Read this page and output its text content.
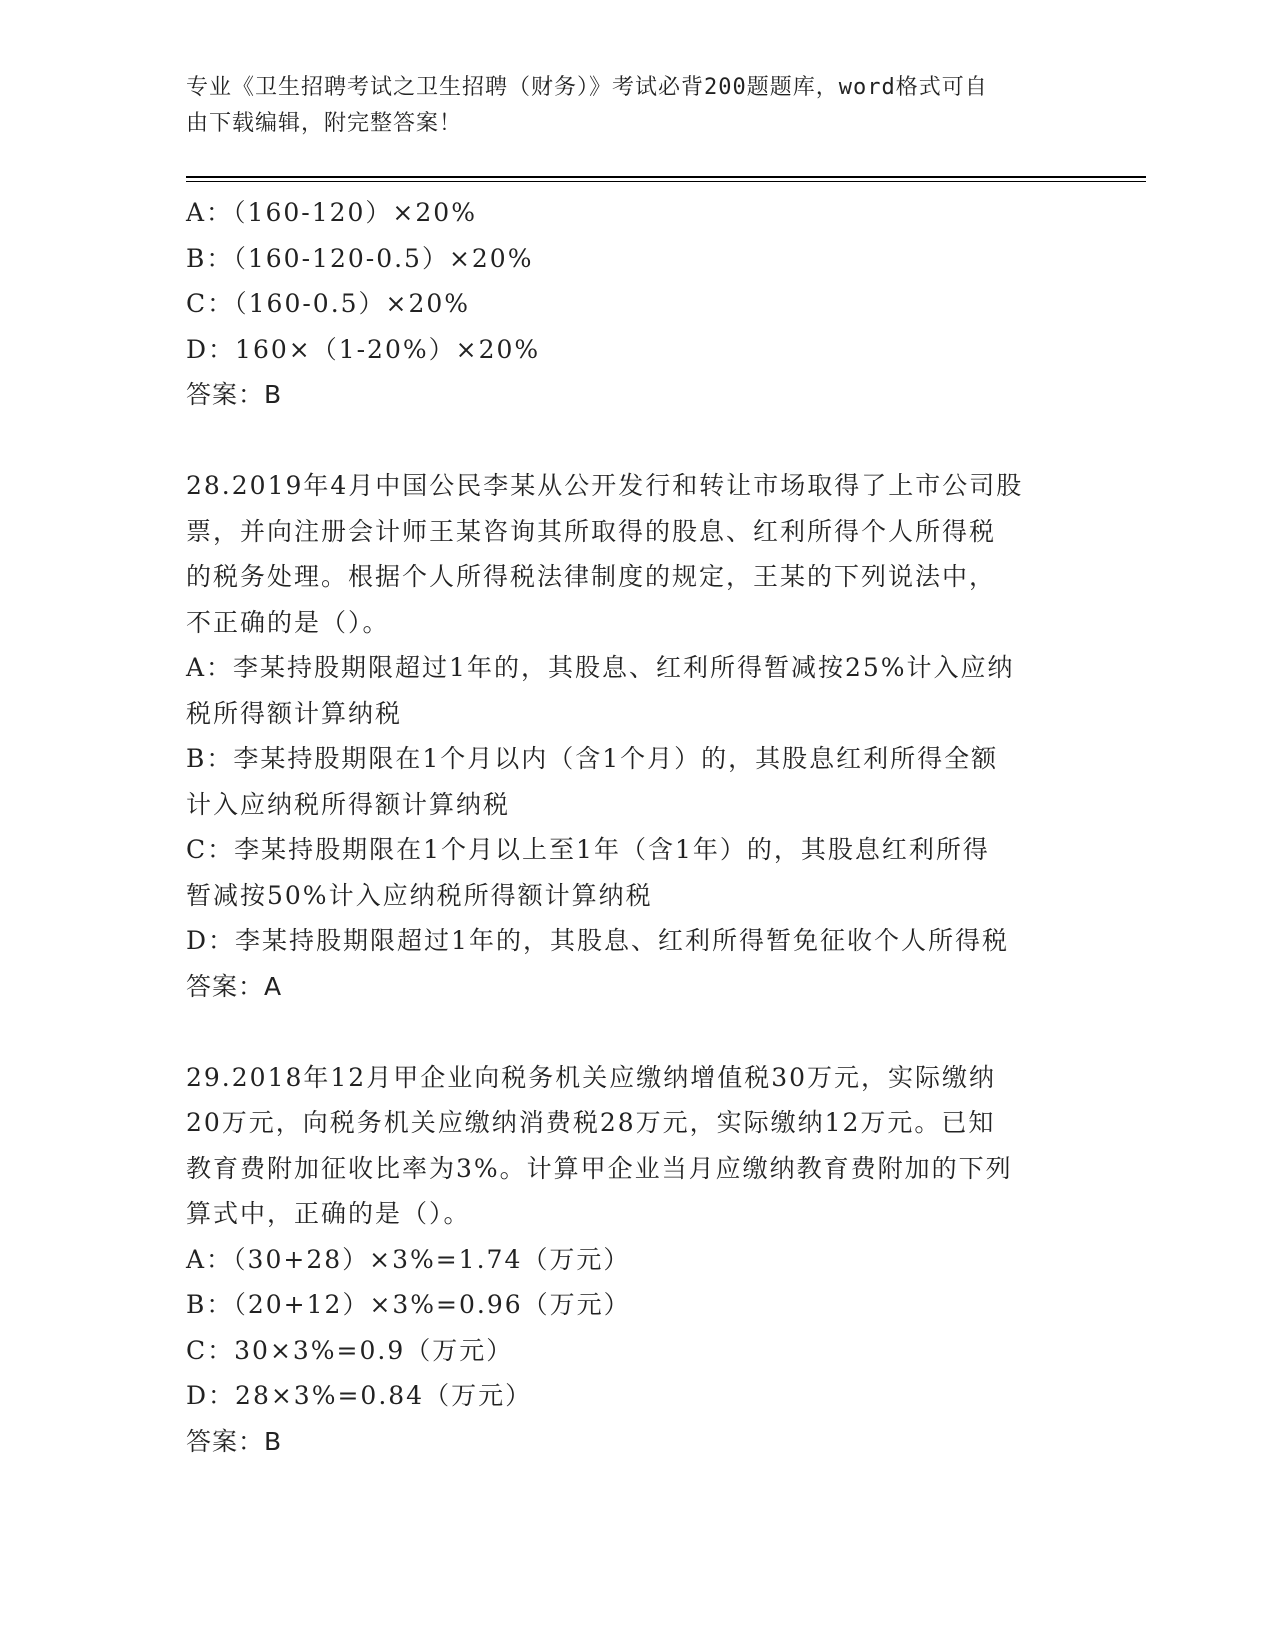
专业《卫生招聘考试之卫生招聘（财务）》考试必背200题题库，word格式可自
由下载编辑，附完整答案！
A：（160-120）×20%
B：（160-120-0.5）×20%
C：（160-0.5）×20%
D：160×（1-20%）×20%
答案：B
28.2019年4月中国公民李某从公开发行和转让市场取得了上市公司股
票，并向注册会计师王某咨询其所取得的股息、红利所得个人所得税
的税务处理。根据个人所得税法律制度的规定，王某的下列说法中，
不正确的是（）。
A：李某持股期限超过1年的，其股息、红利所得暂减按25%计入应纳
税所得额计算纳税
B：李某持股期限在1个月以内（含1个月）的，其股息红利所得全额
计入应纳税所得额计算纳税
C：李某持股期限在1个月以上至1年（含1年）的，其股息红利所得
暂减按50%计入应纳税所得额计算纳税
D：李某持股期限超过1年的，其股息、红利所得暂免征收个人所得税
答案：A
29.2018年12月甲企业向税务机关应缴纳增值税30万元，实际缴纳
20万元，向税务机关应缴纳消费税28万元，实际缴纳12万元。已知
教育费附加征收比率为3%。计算甲企业当月应缴纳教育费附加的下列
算式中，正确的是（）。
A：（30+28）×3%=1.74（万元）
B：（20+12）×3%=0.96（万元）
C：30×3%=0.9（万元）
D：28×3%=0.84（万元）
答案：B
